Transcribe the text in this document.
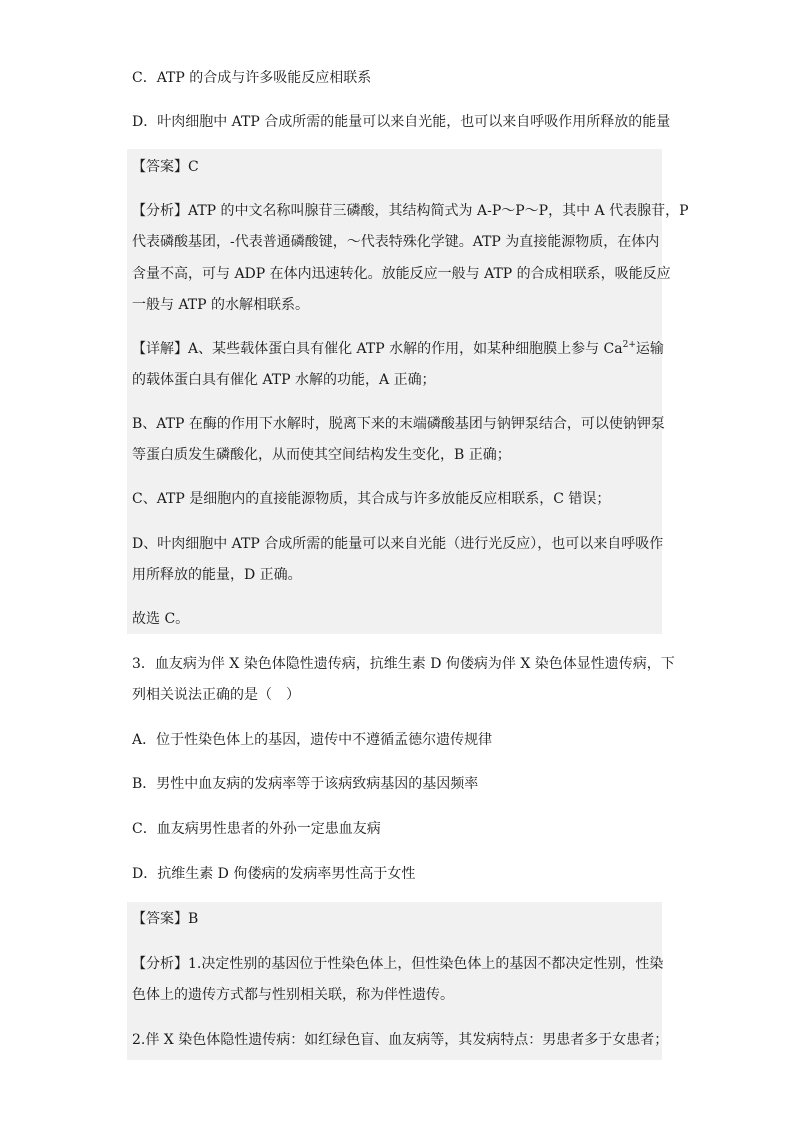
C．ATP 的合成与许多吸能反应相联系
D．叶肉细胞中 ATP 合成所需的能量可以来自光能，也可以来自呼吸作用所释放的能量
【答案】C
【分析】ATP 的中文名称叫腺苷三磷酸，其结构简式为 A-P～P～P，其中 A 代表腺苷，P
代表磷酸基团，-代表普通磷酸键，～代表特殊化学键。ATP 为直接能源物质，在体内
含量不高，可与 ADP 在体内迅速转化。放能反应一般与 ATP 的合成相联系，吸能反应
一般与 ATP 的水解相联系。
【详解】A、某些载体蛋白具有催化 ATP 水解的作用，如某种细胞膜上参与 $Ca^{2+}$运输
的载体蛋白具有催化 ATP 水解的功能，A 正确；
B、ATP 在酶的作用下水解时，脱离下来的末端磷酸基团与钠钾泵结合，可以使钠钾泵
等蛋白质发生磷酸化，从而使其空间结构发生变化，B 正确；
C、ATP 是细胞内的直接能源物质，其合成与许多放能反应相联系，C 错误；
D、叶肉细胞中 ATP 合成所需的能量可以来自光能（进行光反应），也可以来自呼吸作
用所释放的能量，D 正确。
故选 C。
3．血友病为伴 X 染色体隐性遗传病，抗维生素 D 佝偻病为伴 X 染色体显性遗传病，下
列相关说法正确的是（　）
A．位于性染色体上的基因，遗传中不遵循孟德尔遗传规律
B．男性中血友病的发病率等于该病致病基因的基因频率
C．血友病男性患者的外孙一定患血友病
D．抗维生素 D 佝偻病的发病率男性高于女性
【答案】B
【分析】1.决定性别的基因位于性染色体上，但性染色体上的基因不都决定性别，性染
色体上的遗传方式都与性别相关联，称为伴性遗传。
2.伴 X 染色体隐性遗传病：如红绿色盲、血友病等，其发病特点：男患者多于女患者；
